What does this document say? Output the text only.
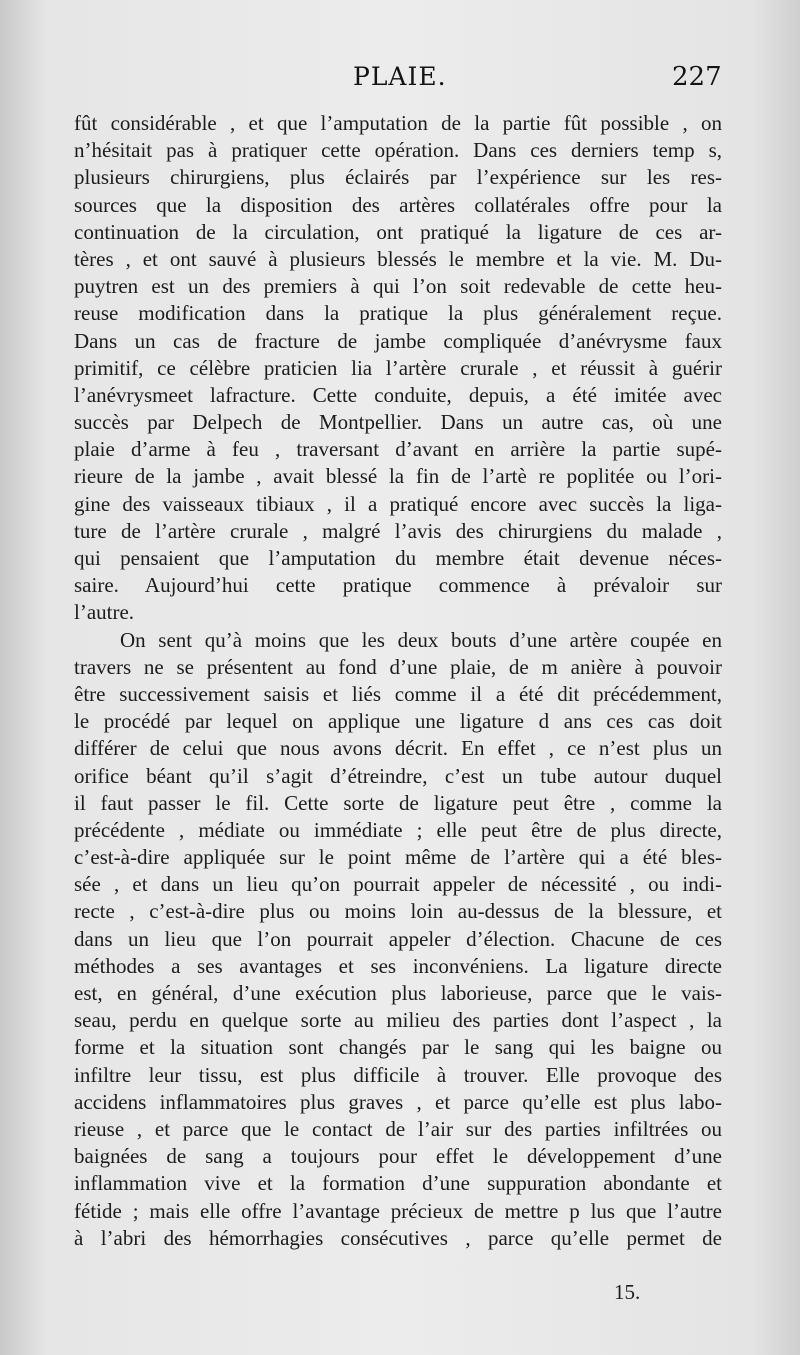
PLAIE.	227
fût considérable , et que l’amputation de la partie fût possible , on
n’hésitait pas à pratiquer cette opération. Dans ces derniers temp s,
plusieurs chirurgiens, plus éclairés par l’expérience sur les res-
sources que la disposition des artères collatérales offre pour la
continuation de la circulation, ont pratiqué la ligature de ces ar-
tères , et ont sauvé à plusieurs blessés le membre et la vie. M. Du-
puytren est un des premiers à qui l’on soit redevable de cette heu-
reuse modification dans la pratique la plus généralement reçue.
Dans un cas de fracture de jambe compliquée d’anévrysme faux
primitif, ce célèbre praticien lia l’artère crurale , et réussit à guérir
l’anévrysmeet lafracture. Cette conduite, depuis, a été imitée avec
succès par Delpech de Montpellier. Dans un autre cas, où une
plaie d’arme à feu , traversant d’avant en arrière la partie supé-
rieure de la jambe , avait blessé la fin de l’artè re poplitée ou l’ori-
gine des vaisseaux tibiaux , il a pratiqué encore avec succès la liga-
ture de l’artère crurale , malgré l’avis des chirurgiens du malade ,
qui pensaient que l’amputation du membre était devenue néces-
saire. Aujourd’hui cette pratique commence à prévaloir sur
l’autre.
On sent qu’à moins que les deux bouts d’une artère coupée en
travers ne se présentent au fond d’une plaie, de m anière à pouvoir
être successivement saisis et liés comme il a été dit précédemment,
le procédé par lequel on applique une ligature d ans ces cas doit
différer de celui que nous avons décrit. En effet , ce n’est plus un
orifice béant qu’il s’agit d’étreindre, c’est un tube autour duquel
il faut passer le fil. Cette sorte de ligature peut être , comme la
précédente , médiate ou immédiate ; elle peut être de plus directe,
c’est-à-dire appliquée sur le point même de l’artère qui a été bles-
sée , et dans un lieu qu’on pourrait appeler de nécessité , ou indi-
recte , c’est-à-dire plus ou moins loin au-dessus de la blessure, et
dans un lieu que l’on pourrait appeler d’élection. Chacune de ces
méthodes a ses avantages et ses inconvéniens. La ligature directe
est, en général, d’une exécution plus laborieuse, parce que le vais-
seau, perdu en quelque sorte au milieu des parties dont l’aspect , la
forme et la situation sont changés par le sang qui les baigne ou
infiltre leur tissu, est plus difficile à trouver. Elle provoque des
accidens inflammatoires plus graves , et parce qu’elle est plus labo-
rieuse , et parce que le contact de l’air sur des parties infiltrées ou
baignées de sang a toujours pour effet le développement d’une
inflammation vive et la formation d’une suppuration abondante et
fétide ; mais elle offre l’avantage précieux de mettre p lus que l’autre
à l’abri des hémorrhagies consécutives , parce qu’elle permet de
15.
